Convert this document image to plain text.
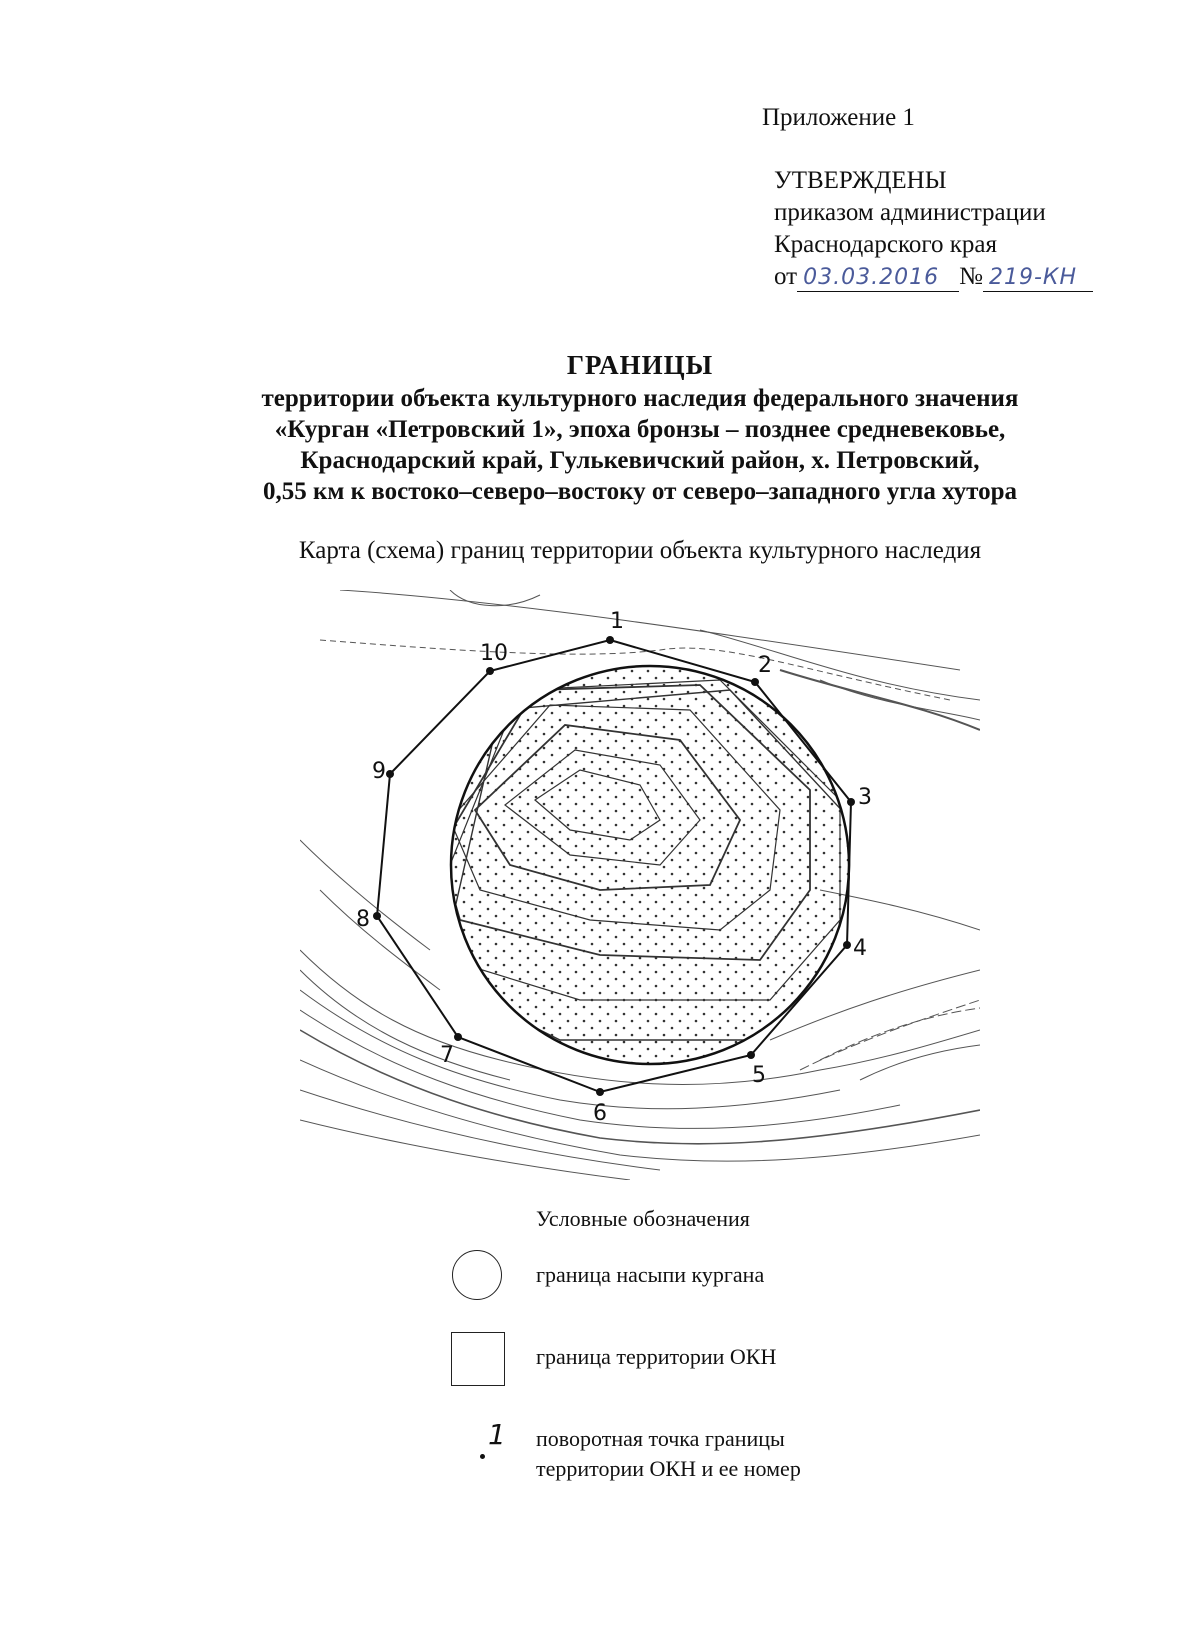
Приложение 1
УТВЕРЖДЕНЫ
приказом администрации
Краснодарского края
от 03.03.2016 № 219-КН
ГРАНИЦЫ
территории объекта культурного наследия федерального значения
«Курган «Петровский 1», эпоха бронзы – позднее средневековье,
Краснодарский край, Гулькевичский район, х. Петровский,
0,55 км к востоко–северо–востоку от северо–западного угла хутора
Карта (схема) границ территории объекта культурного наследия
1
2
3
4
5
6
7
8
9
10
Условные обозначения
граница насыпи кургана
граница территории ОКН
1 поворотная точка границы
территории ОКН и ее номер
